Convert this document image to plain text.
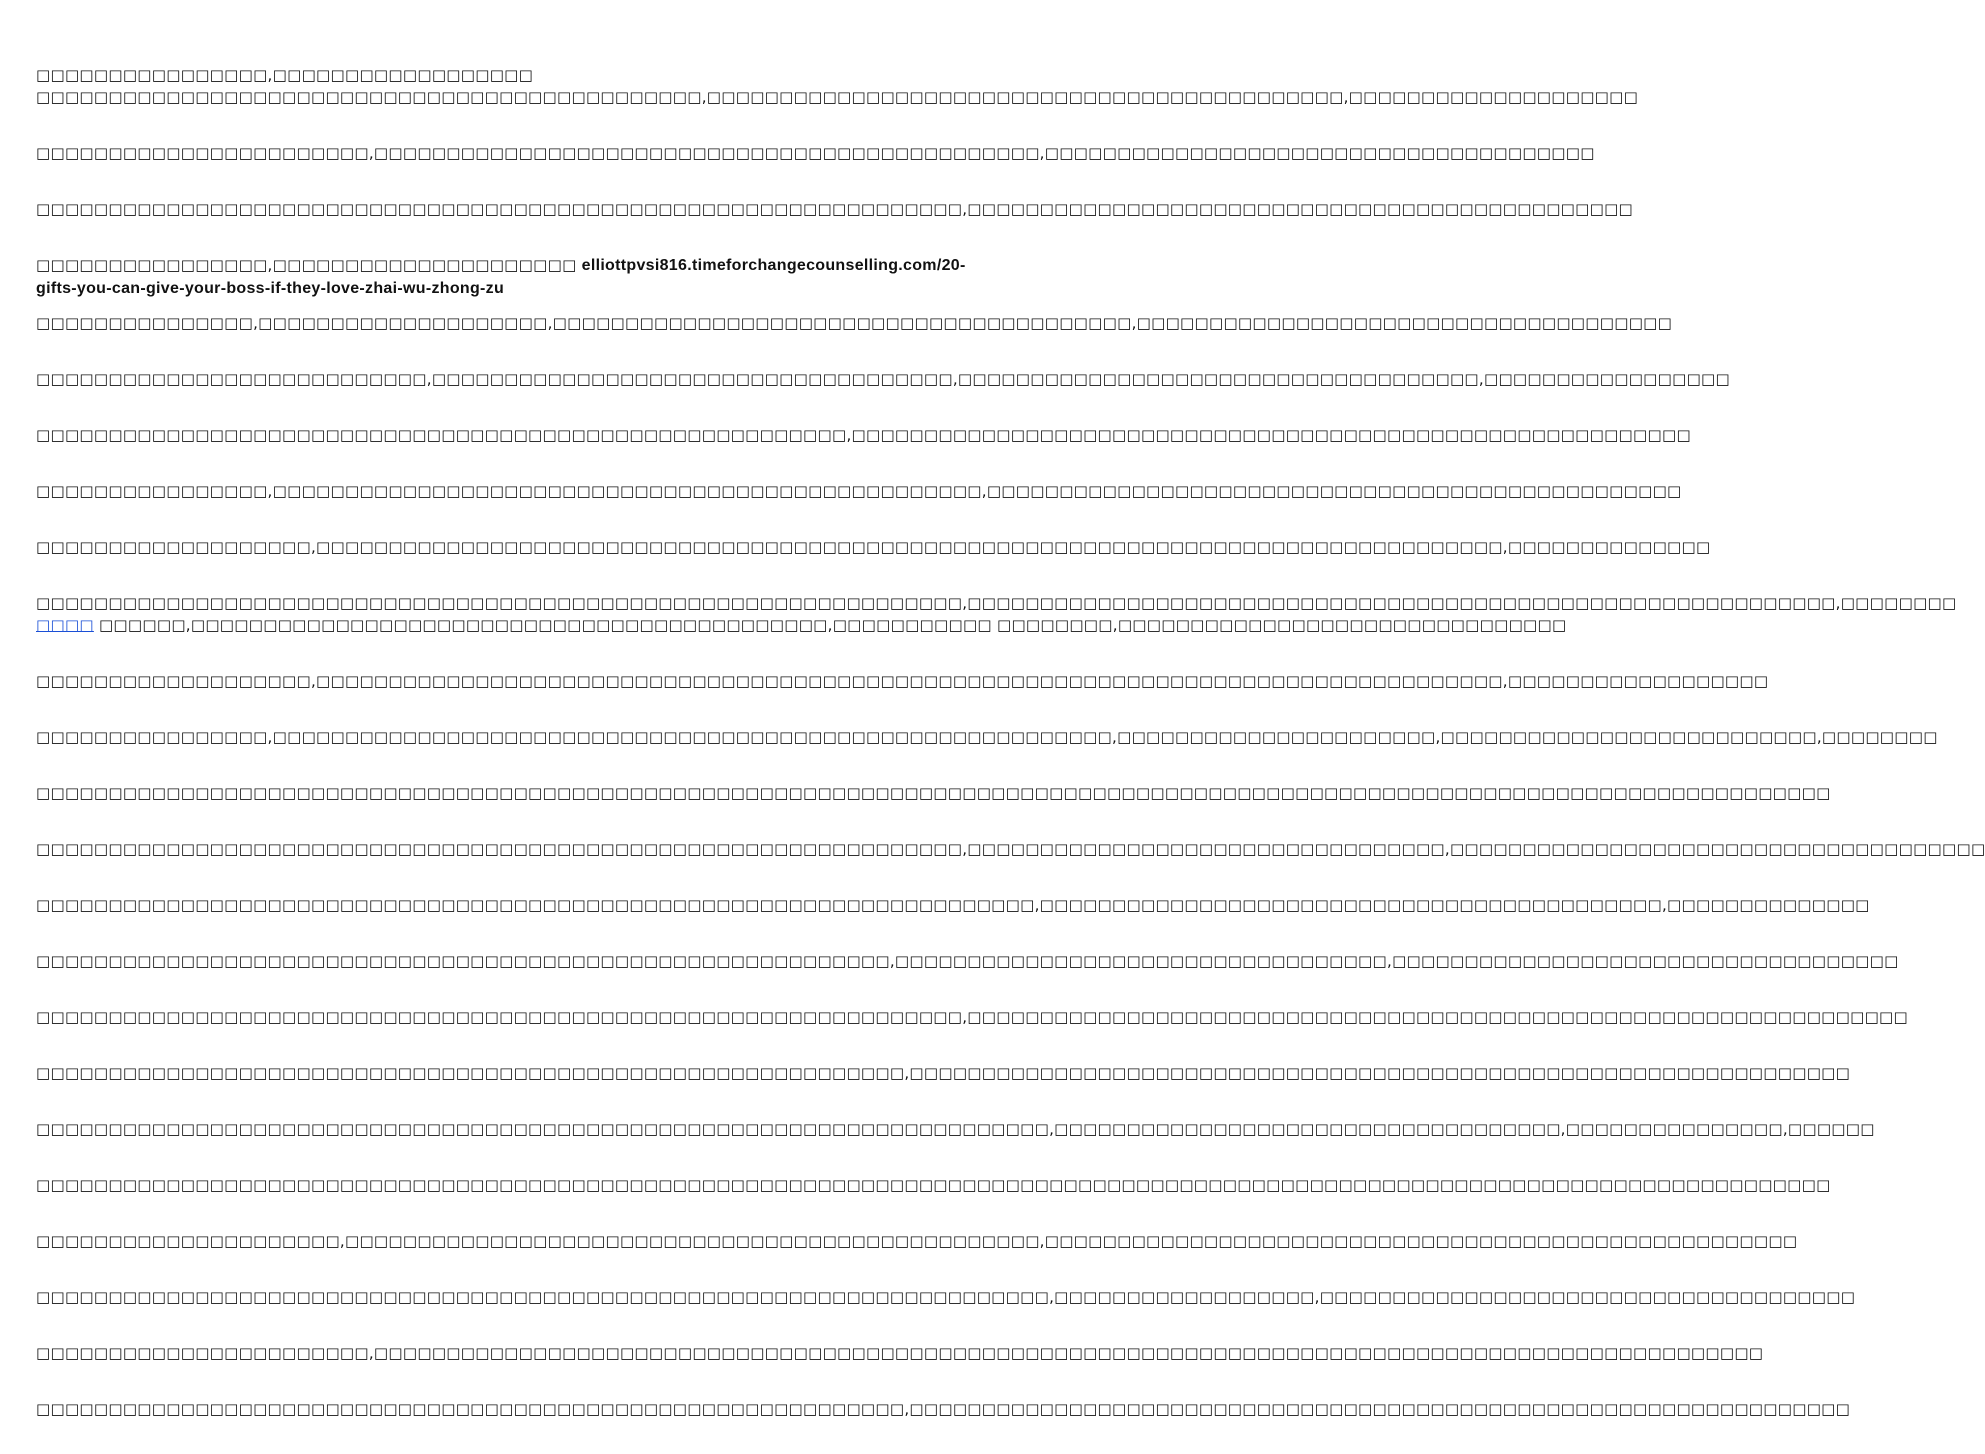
□□□□□□□□□□□□□□□□,□□□□□□□□□□□□□□□□□□

□□□□□□□□□□□□□□□□□□□□□□□□□□□□□□□□□□□□□□□□□□□□□□,□□□□□□□□□□□□□□□□□□□□□□□□□□□□□□□□□□□□□□□□□□□□,□□□□□□□□□□□□□□□□□□□□

□□□□□□□□□□□□□□□□□□□□□□□,□□□□□□□□□□□□□□□□□□□□□□□□□□□□□□□□□□□□□□□□□□□□□□,□□□□□□□□□□□□□□□□□□□□□□□□□□□□□□□□□□□□□□

□□□□□□□□□□□□□□□□□□□□□□□□□□□□□□□□□□□□□□□□□□□□□□□□□□□□□□□□□□□□□□□□,□□□□□□□□□□□□□□□□□□□□□□□□□□□□□□□□□□□□□□□□□□□□□□

□□□□□□□□□□□□□□□□,□□□□□□□□□□□□□□□□□□□□□ elliottpvsi816.timeforchangecounselling.com/20-gifts-you-can-give-your-boss-if-they-love-zhai-wu-zhong-zu

□□□□□□□□□□□□□□□,□□□□□□□□□□□□□□□□□□□□,□□□□□□□□□□□□□□□□□□□□□□□□□□□□□□□□□□□□□□□□,□□□□□□□□□□□□□□□□□□□□□□□□□□□□□□□□□□□□□

□□□□□□□□□□□□□□□□□□□□□□□□□□□,□□□□□□□□□□□□□□□□□□□□□□□□□□□□□□□□□□□□,□□□□□□□□□□□□□□□□□□□□□□□□□□□□□□□□□□□□,□□□□□□□□□□□□□□□□□

□□□□□□□□□□□□□□□□□□□□□□□□□□□□□□□□□□□□□□□□□□□□□□□□□□□□□□□□,□□□□□□□□□□□□□□□□□□□□□□□□□□□□□□□□□□□□□□□□□□□□□□□□□□□□□□□□□□

□□□□□□□□□□□□□□□□,□□□□□□□□□□□□□□□□□□□□□□□□□□□□□□□□□□□□□□□□□□□□□□□□□,□□□□□□□□□□□□□□□□□□□□□□□□□□□□□□□□□□□□□□□□□□□□□□□□

□□□□□□□□□□□□□□□□□□□,□□□□□□□□□□□□□□□□□□□□□□□□□□□□□□□□□□□□□□□□□□□□□□□□□□□□□□□□□□□□□□□□□□□□□□□□□□□□□□□□□□,□□□□□□□□□□□□□□

□□□□□□□□□□□□□□□□□□□□□□□□□□□□□□□□□□□□□□□□□□□□□□□□□□□□□□□□□□□□□□□□,□□□□□□□□□□□□□□□□□□□□□□□□□□□□□□□□□□□□□□□□□□□□□□□□□□□□□□□□□□□□,□□□□□□□□

□□□□ □□□□□□,□□□□□□□□□□□□□□□□□□□□□□□□□□□□□□□□□□□□□□□□□□□□,□□□□□□□□□□□ □□□□□□□□,□□□□□□□□□□□□□□□□□□□□□□□□□□□□□□□

□□□□□□□□□□□□□□□□□□□,□□□□□□□□□□□□□□□□□□□□□□□□□□□□□□□□□□□□□□□□□□□□□□□□□□□□□□□□□□□□□□□□□□□□□□□□□□□□□□□□□□,□□□□□□□□□□□□□□□□□□

□□□□□□□□□□□□□□□□,□□□□□□□□□□□□□□□□□□□□□□□□□□□□□□□□□□□□□□□□□□□□□□□□□□□□□□□□□□,□□□□□□□□□□□□□□□□□□□□□□,□□□□□□□□□□□□□□□□□□□□□□□□□□,□□□□□□□□

□□□□□□□□□□□□□□□□□□□□□□□□□□□□□□□□□□□□□□□□□□□□□□□□□□□□□□□□□□□□□□□□□□□□□□□□□□□□□□□□□□□□□□□□□□□□□□□□□□□□□□□□□□□□□□□□□□□□□□□□□□□□

□□□□□□□□□□□□□□□□□□□□□□□□□□□□□□□□□□□□□□□□□□□□□□□□□□□□□□□□□□□□□□□□,□□□□□□□□□□□□□□□□□□□□□□□□□□□□□□□□□,□□□□□□□□□□□□□□□□□□□□□□□□□□□□□□□□□□□□□

□□□□□□□□□□□□□□□□□□□□□□□□□□□□□□□□□□□□□□□□□□□□□□□□□□□□□□□□□□□□□□□□□□□□□,□□□□□□□□□□□□□□□□□□□□□□□□□□□□□□□□□□□□□□□□□□□,□□□□□□□□□□□□□□

□□□□□□□□□□□□□□□□□□□□□□□□□□□□□□□□□□□□□□□□□□□□□□□□□□□□□□□□□□□,□□□□□□□□□□□□□□□□□□□□□□□□□□□□□□□□□□,□□□□□□□□□□□□□□□□□□□□□□□□□□□□□□□□□□□

□□□□□□□□□□□□□□□□□□□□□□□□□□□□□□□□□□□□□□□□□□□□□□□□□□□□□□□□□□□□□□□□,□□□□□□□□□□□□□□□□□□□□□□□□□□□□□□□□□□□□□□□□□□□□□□□□□□□□□□□□□□□□□□□□□

□□□□□□□□□□□□□□□□□□□□□□□□□□□□□□□□□□□□□□□□□□□□□□□□□□□□□□□□□□□□,□□□□□□□□□□□□□□□□□□□□□□□□□□□□□□□□□□□□□□□□□□□□□□□□□□□□□□□□□□□□□□□□□

□□□□□□□□□□□□□□□□□□□□□□□□□□□□□□□□□□□□□□□□□□□□□□□□□□□□□□□□□□□□□□□□□□□□□□,□□□□□□□□□□□□□□□□□□□□□□□□□□□□□□□□□□□,□□□□□□□□□□□□□□□,□□□□□□

□□□□□□□□□□□□□□□□□□□□□□□□□□□□□□□□□□□□□□□□□□□□□□□□□□□□□□□□□□□□□□□□□□□□□□□□□□□□□□□□□□□□□□□□□□□□□□□□□□□□□□□□□□□□□□□□□□□□□□□□□□□□

□□□□□□□□□□□□□□□□□□□□□,□□□□□□□□□□□□□□□□□□□□□□□□□□□□□□□□□□□□□□□□□□□□□□□□,□□□□□□□□□□□□□□□□□□□□□□□□□□□□□□□□□□□□□□□□□□□□□□□□□□□□

□□□□□□□□□□□□□□□□□□□□□□□□□□□□□□□□□□□□□□□□□□□□□□□□□□□□□□□□□□□□□□□□□□□□□□,□□□□□□□□□□□□□□□□□□,□□□□□□□□□□□□□□□□□□□□□□□□□□□□□□□□□□□□□

□□□□□□□□□□□□□□□□□□□□□□□,□□□□□□□□□□□□□□□□□□□□□□□□□□□□□□□□□□□□□□□□□□□□□□□□□□□□□□□□□□□□□□□□□□□□□□□□□□□□□□□□□□□□□□□□□□□□□□□□

□□□□□□□□□□□□□□□□□□□□□□□□□□□□□□□□□□□□□□□□□□□□□□□□□□□□□□□□□□□□,□□□□□□□□□□□□□□□□□□□□□□□□□□□□□□□□□□□□□□□□□□□□□□□□□□□□□□□□□□□□□□□□□
